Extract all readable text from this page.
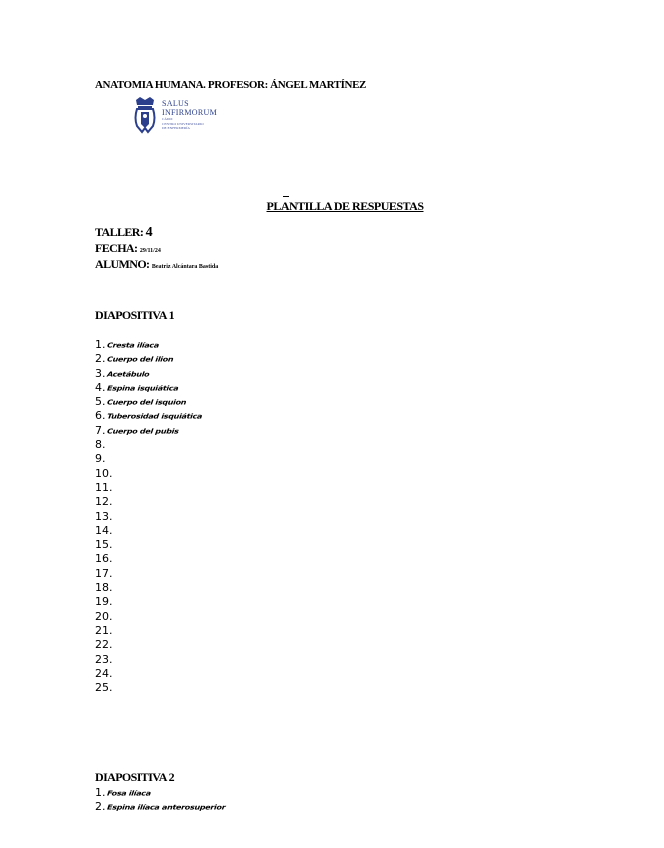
ANATOMIA HUMANA. PROFESOR: ÁNGEL MARTÍNEZ
SALUS
INFIRMORUM
CÁDIZ
CENTRO UNIVERSITARIO
DE ENFERMERÍA
PLANTILLA DE RESPUESTAS
TALLER: 4
FECHA: 29/11/24
ALUMNO: Beatriz Alcántara Bastida
DIAPOSITIVA 1
1.Cresta ilíaca
2.Cuerpo del ilion
3.Acetábulo
4.Espina isquiática
5.Cuerpo del isquion
6.Tuberosidad isquiática
7.Cuerpo del pubis
8.
9.
10.
11.
12.
13.
14.
15.
16.
17.
18.
19.
20.
21.
22.
23.
24.
25.
DIAPOSITIVA 2
1.Fosa ilíaca
2.Espina ilíaca anterosuperior
